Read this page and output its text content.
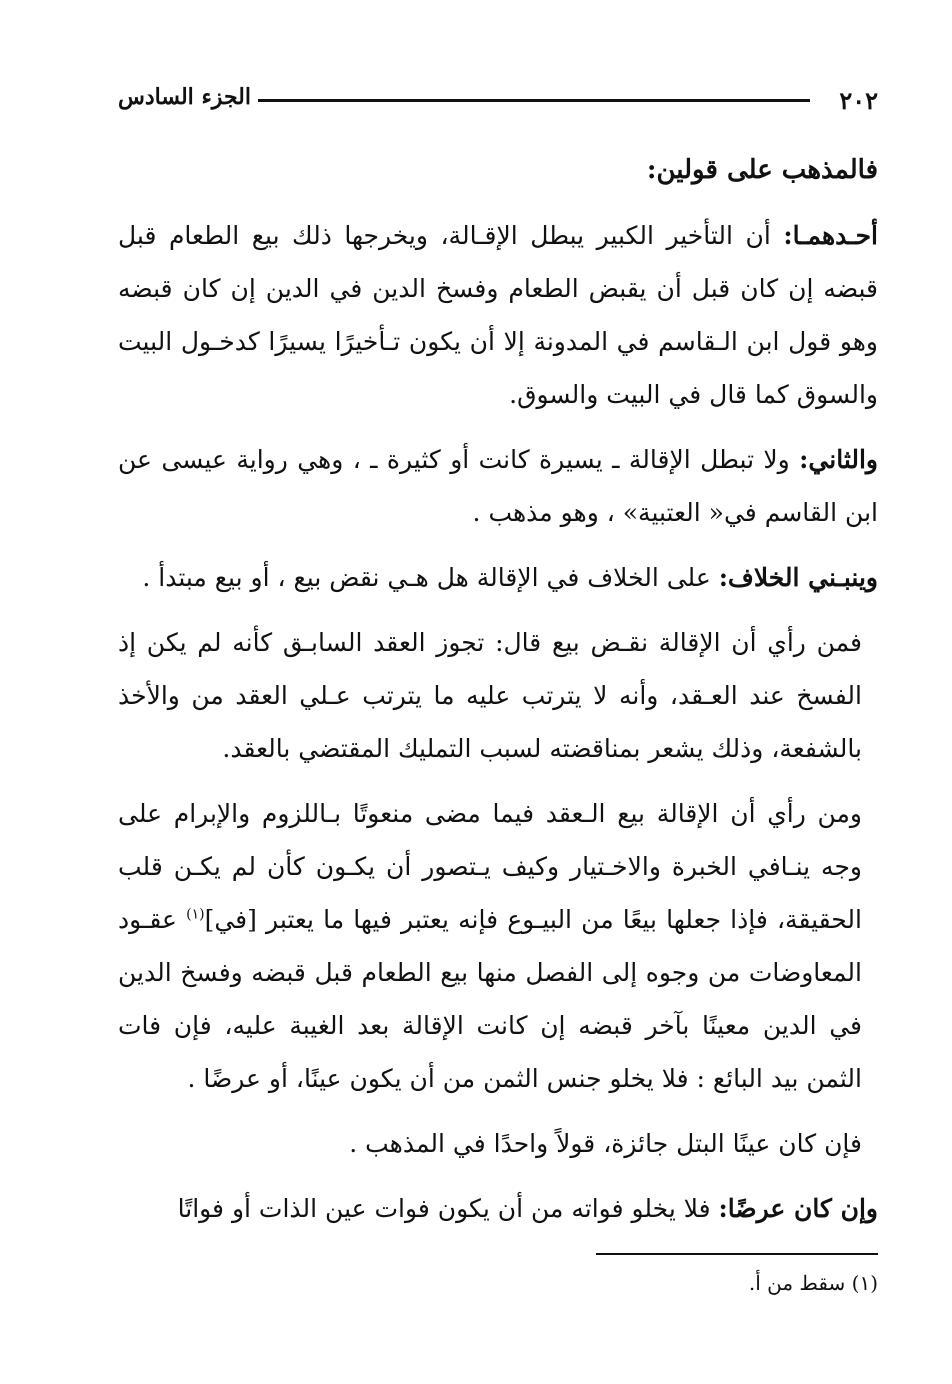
٢٠٢
الجزء السادس

فالمذهب على قولين:

أحـدهمـا: أن التأخير الكبير يبطل الإقـالة، ويخرجها ذلك بيع الطعام قبل قبضه إن كان قبل أن يقبض الطعام وفسخ الدين في الدين إن كان قبضه وهو قول ابن الـقاسم في المدونة إلا أن يكون تـأخيرًا يسيرًا كدخـول البيت والسوق كما قال في البيت والسوق.

والثاني: ولا تبطل الإقالة ـ يسيرة كانت أو كثيرة ـ ، وهي رواية عيسى عن ابن القاسم في« العتبية» ، وهو مذهب .

وينبـني الخلاف: على الخلاف في الإقالة هل هـي نقض بيع ، أو بيع مبتدأ .

فمن رأي أن الإقالة نقـض بيع قال: تجوز العقد السابـق كأنه لم يكن إذ الفسخ عند العـقد، وأنه لا يترتب عليه ما يترتب عـلي العقد من والأخذ بالشفعة، وذلك يشعر بمناقضته لسبب التمليك المقتضي بالعقد.

ومن رأي أن الإقالة بيع الـعقد فيما مضى منعوتًا بـاللزوم والإبرام على وجه ينـافي الخبرة والاخـتيار وكيف يـتصور أن يكـون كأن لم يكـن قلب الحقيقة، فإذا جعلها بيعًا من البيـوع فإنه يعتبر فيها ما يعتبر [في]$^{(١)}$ عقـود المعاوضات من وجوه إلى الفصل منها بيع الطعام قبل قبضه وفسخ الدين في الدين معينًا بآخر قبضه إن كانت الإقالة بعد الغيبة عليه، فإن فات الثمن بيد البائع : فلا يخلو جنس الثمن من أن يكون عينًا، أو عرضًا .

فإن كان عينًا البتل جائزة، قولاً واحدًا في المذهب .

وإن كان عرضًا: فلا يخلو فواته من أن يكون فوات عين الذات أو فواتًا

(١) سقط من أ.
